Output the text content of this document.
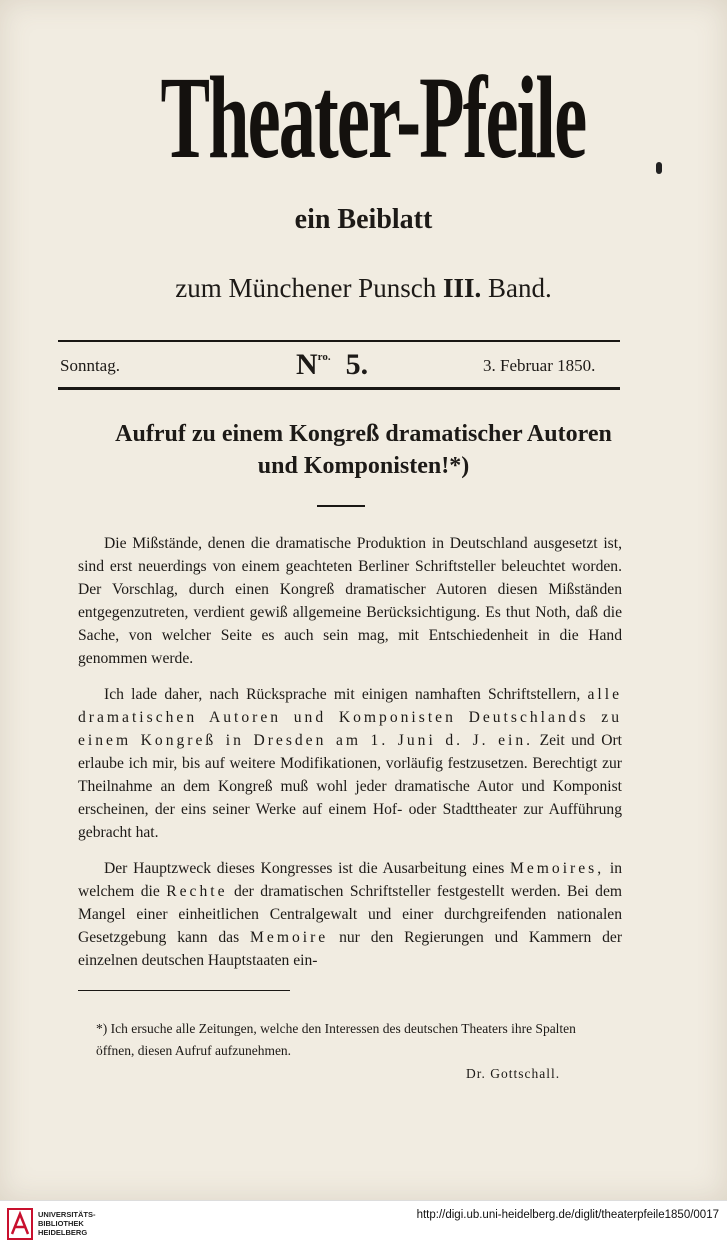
Theater-Pfeile
ein Beiblatt
zum Münchener Punsch III. Band.
Sonntag.	$N^{ro.}$ 5.	3. Februar 1850.
Aufruf zu einem Kongreß dramatischer Autoren
und Komponisten!*)

Die Mißstände, denen die dramatische Produktion in Deutschland ausgesetzt ist, sind erst neuerdings von einem geachteten Berliner Schriftsteller beleuchtet worden. Der Vorschlag, durch einen Kongreß dramatischer Autoren diesen Mißständen entgegenzutreten, verdient gewiß allgemeine Berücksichtigung. Es thut Noth, daß die Sache, von welcher Seite es auch sein mag, mit Entschiedenheit in die Hand genommen werde.

Ich lade daher, nach Rücksprache mit einigen namhaften Schriftstellern, alle dramatischen Autoren und Komponisten Deutschlands zu einem Kongreß in Dresden am 1. Juni d. J. ein. Zeit und Ort erlaube ich mir, bis auf weitere Modifikationen, vorläufig festzusetzen. Berechtigt zur Theilnahme an dem Kongreß muß wohl jeder dramatische Autor und Komponist erscheinen, der eins seiner Werke auf einem Hof- oder Stadttheater zur Aufführung gebracht hat.

Der Hauptzweck dieses Kongresses ist die Ausarbeitung eines Memoires, in welchem die Rechte der dramatischen Schriftsteller festgestellt werden. Bei dem Mangel einer einheitlichen Centralgewalt und einer durchgreifenden nationalen Gesetzgebung kann das Memoire nur den Regierungen und Kammern der einzelnen deutschen Hauptstaaten ein-

*) Ich ersuche alle Zeitungen, welche den Interessen des deutschen Theaters ihre Spalten öffnen, diesen Aufruf aufzunehmen.
Dr. Gottschall.
UNIVERSITÄTS-
BIBLIOTHEK
HEIDELBERG
http://digi.ub.uni-heidelberg.de/diglit/theaterpfeile1850/0017
